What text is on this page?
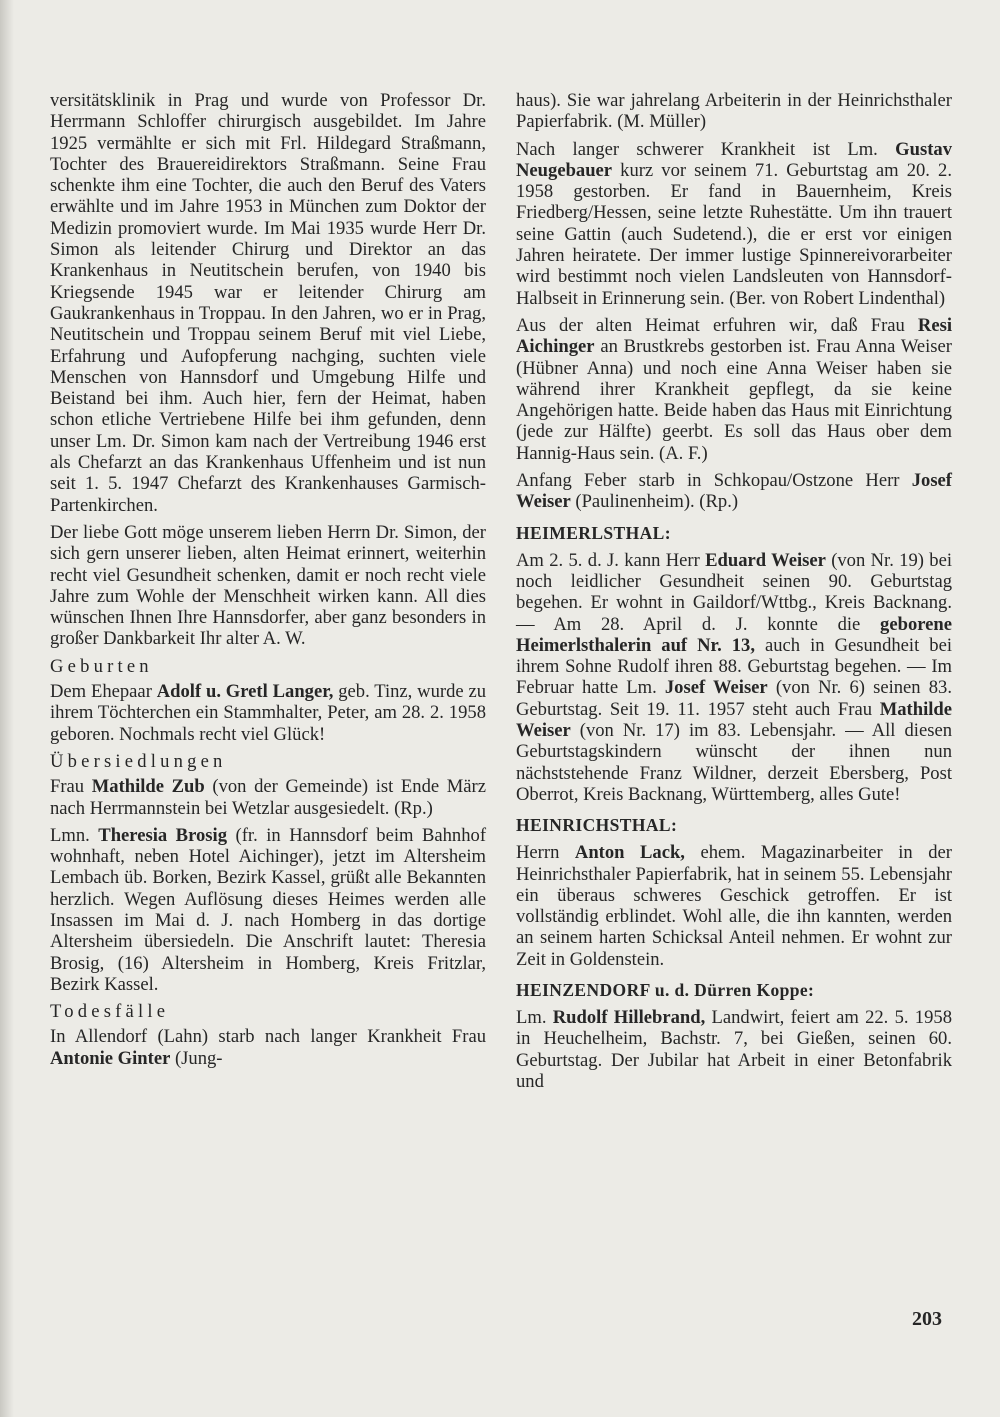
versitätsklinik in Prag und wurde von Professor Dr. Herrmann Schloffer chirurgisch ausgebildet. Im Jahre 1925 vermählte er sich mit Frl. Hildegard Straßmann, Tochter des Brauereidirektors Straßmann. Seine Frau schenkte ihm eine Tochter, die auch den Beruf des Vaters erwählte und im Jahre 1953 in München zum Doktor der Medizin promoviert wurde. Im Mai 1935 wurde Herr Dr. Simon als leitender Chirurg und Direktor an das Krankenhaus in Neutitschein berufen, von 1940 bis Kriegsende 1945 war er leitender Chirurg am Gaukrankenhaus in Troppau. In den Jahren, wo er in Prag, Neutitschein und Troppau seinem Beruf mit viel Liebe, Erfahrung und Aufopferung nachging, suchten viele Menschen von Hannsdorf und Umgebung Hilfe und Beistand bei ihm. Auch hier, fern der Heimat, haben schon etliche Vertriebene Hilfe bei ihm gefunden, denn unser Lm. Dr. Simon kam nach der Vertreibung 1946 erst als Chefarzt an das Krankenhaus Uffenheim und ist nun seit 1. 5. 1947 Chefarzt des Krankenhauses Garmisch-Partenkirchen.

Der liebe Gott möge unserem lieben Herrn Dr. Simon, der sich gern unserer lieben, alten Heimat erinnert, weiterhin recht viel Gesundheit schenken, damit er noch recht viele Jahre zum Wohle der Menschheit wirken kann. All dies wünschen Ihnen Ihre Hannsdorfer, aber ganz besonders in großer Dankbarkeit Ihr alter A. W.

Geburten

Dem Ehepaar Adolf u. Gretl Langer, geb. Tinz, wurde zu ihrem Töchterchen ein Stammhalter, Peter, am 28. 2. 1958 geboren. Nochmals recht viel Glück!

Übersiedlungen

Frau Mathilde Zub (von der Gemeinde) ist Ende März nach Herrmannstein bei Wetzlar ausgesiedelt. (Rp.)

Lmn. Theresia Brosig (fr. in Hannsdorf beim Bahnhof wohnhaft, neben Hotel Aichinger), jetzt im Altersheim Lembach üb. Borken, Bezirk Kassel, grüßt alle Bekannten herzlich. Wegen Auflösung dieses Heimes werden alle Insassen im Mai d. J. nach Homberg in das dortige Altersheim übersiedeln. Die Anschrift lautet: Theresia Brosig, (16) Altersheim in Homberg, Kreis Fritzlar, Bezirk Kassel.

Todesfälle

In Allendorf (Lahn) starb nach langer Krankheit Frau Antonie Ginter (Jung-

haus). Sie war jahrelang Arbeiterin in der Heinrichsthaler Papierfabrik. (M. Müller)

Nach langer schwerer Krankheit ist Lm. Gustav Neugebauer kurz vor seinem 71. Geburtstag am 20. 2. 1958 gestorben. Er fand in Bauernheim, Kreis Friedberg/Hessen, seine letzte Ruhestätte. Um ihn trauert seine Gattin (auch Sudetend.), die er erst vor einigen Jahren heiratete. Der immer lustige Spinnereivorarbeiter wird bestimmt noch vielen Landsleuten von Hannsdorf-Halbseit in Erinnerung sein. (Ber. von Robert Lindenthal)

Aus der alten Heimat erfuhren wir, daß Frau Resi Aichinger an Brustkrebs gestorben ist. Frau Anna Weiser (Hübner Anna) und noch eine Anna Weiser haben sie während ihrer Krankheit gepflegt, da sie keine Angehörigen hatte. Beide haben das Haus mit Einrichtung (jede zur Hälfte) geerbt. Es soll das Haus ober dem Hannig-Haus sein. (A. F.)

Anfang Feber starb in Schkopau/Ostzone Herr Josef Weiser (Paulinenheim). (Rp.)

HEIMERLSTHAL:

Am 2. 5. d. J. kann Herr Eduard Weiser (von Nr. 19) bei noch leidlicher Gesundheit seinen 90. Geburtstag begehen. Er wohnt in Gaildorf/Wttbg., Kreis Backnang. — Am 28. April d. J. konnte die geborene Heimerlsthalerin auf Nr. 13, auch in Gesundheit bei ihrem Sohne Rudolf ihren 88. Geburtstag begehen. — Im Februar hatte Lm. Josef Weiser (von Nr. 6) seinen 83. Geburtstag. Seit 19. 11. 1957 steht auch Frau Mathilde Weiser (von Nr. 17) im 83. Lebensjahr. — All diesen Geburtstagskindern wünscht der ihnen nun nächststehende Franz Wildner, derzeit Ebersberg, Post Oberrot, Kreis Backnang, Württemberg, alles Gute!

HEINRICHSTHAL:

Herrn Anton Lack, ehem. Magazinarbeiter in der Heinrichsthaler Papierfabrik, hat in seinem 55. Lebensjahr ein überaus schweres Geschick getroffen. Er ist vollständig erblindet. Wohl alle, die ihn kannten, werden an seinem harten Schicksal Anteil nehmen. Er wohnt zur Zeit in Goldenstein.

HEINZENDORF u. d. Dürren Koppe:

Lm. Rudolf Hillebrand, Landwirt, feiert am 22. 5. 1958 in Heuchelheim, Bachstr. 7, bei Gießen, seinen 60. Geburtstag. Der Jubilar hat Arbeit in einer Betonfabrik und

203
